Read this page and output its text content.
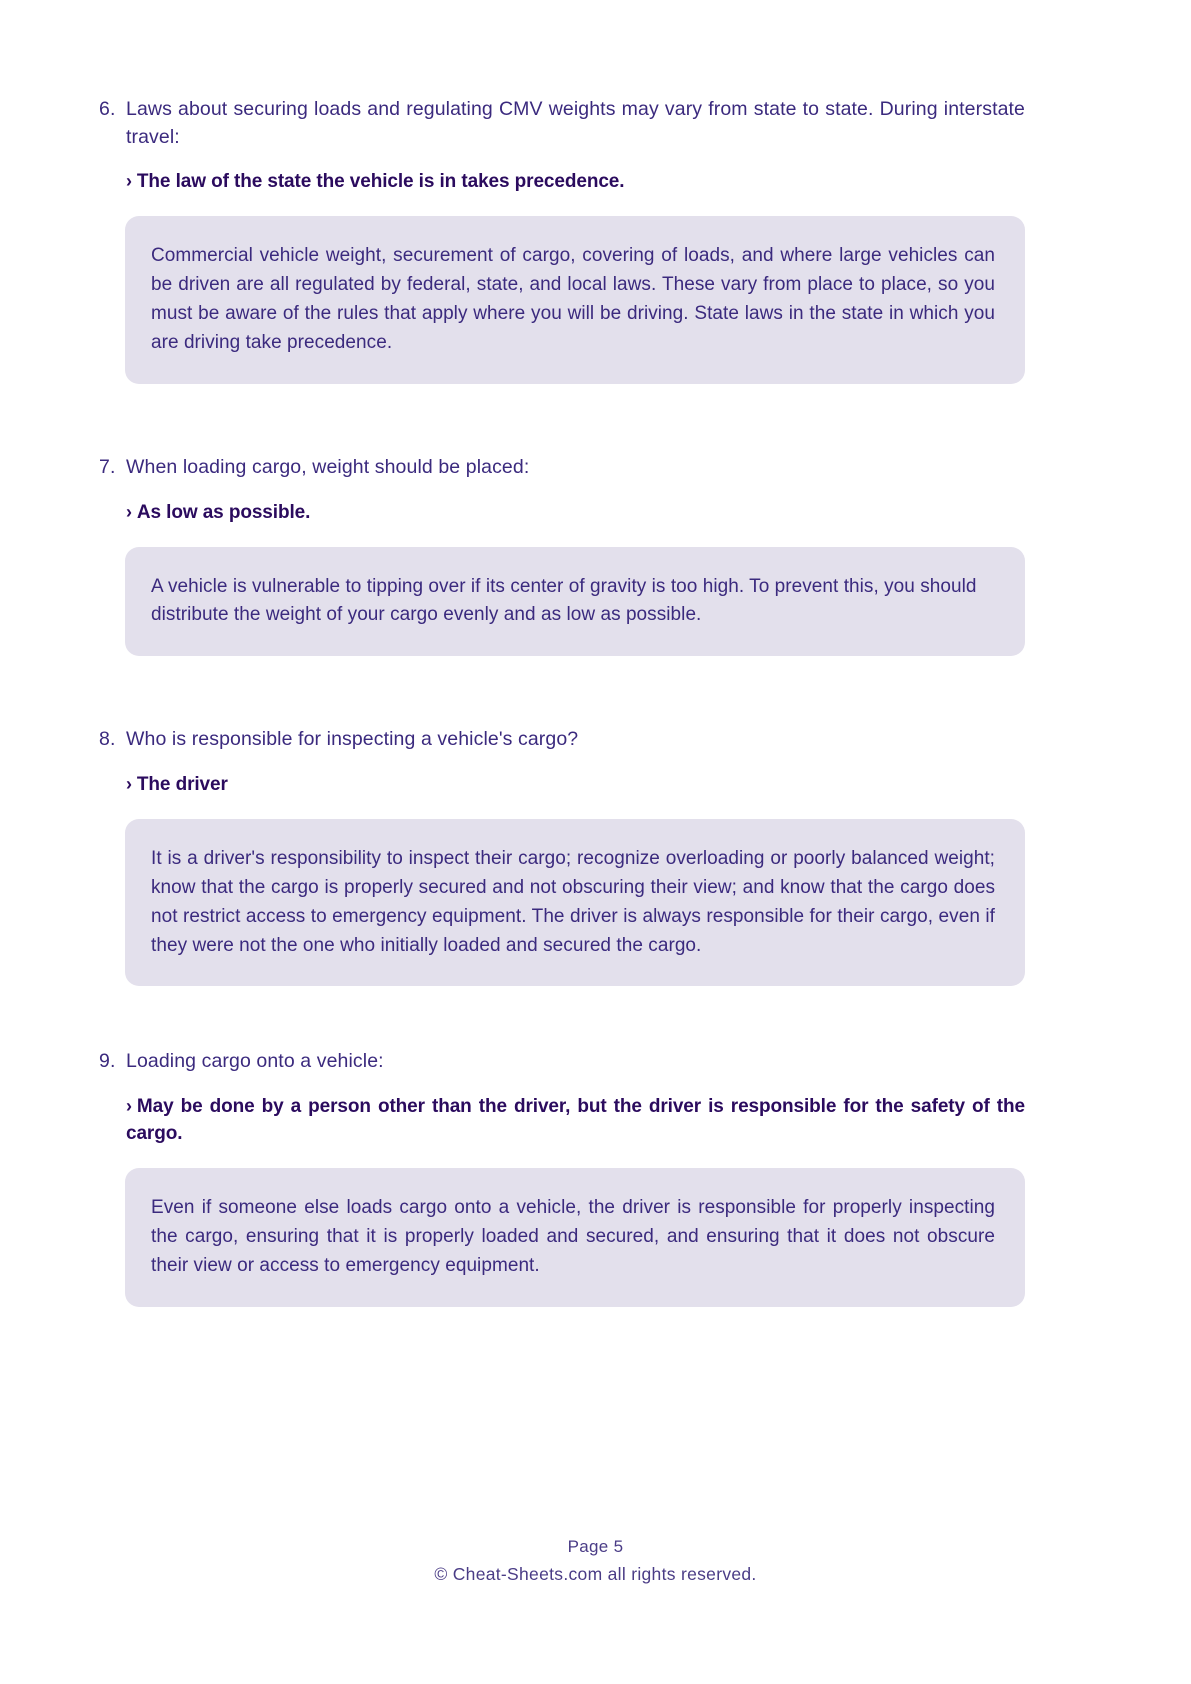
6. Laws about securing loads and regulating CMV weights may vary from state to state. During interstate travel:
› The law of the state the vehicle is in takes precedence.
Commercial vehicle weight, securement of cargo, covering of loads, and where large vehicles can be driven are all regulated by federal, state, and local laws. These vary from place to place, so you must be aware of the rules that apply where you will be driving. State laws in the state in which you are driving take precedence.
7. When loading cargo, weight should be placed:
› As low as possible.
A vehicle is vulnerable to tipping over if its center of gravity is too high. To prevent this, you should distribute the weight of your cargo evenly and as low as possible.
8. Who is responsible for inspecting a vehicle's cargo?
› The driver
It is a driver's responsibility to inspect their cargo; recognize overloading or poorly balanced weight; know that the cargo is properly secured and not obscuring their view; and know that the cargo does not restrict access to emergency equipment. The driver is always responsible for their cargo, even if they were not the one who initially loaded and secured the cargo.
9. Loading cargo onto a vehicle:
› May be done by a person other than the driver, but the driver is responsible for the safety of the cargo.
Even if someone else loads cargo onto a vehicle, the driver is responsible for properly inspecting the cargo, ensuring that it is properly loaded and secured, and ensuring that it does not obscure their view or access to emergency equipment.
Page 5
© Cheat-Sheets.com all rights reserved.
